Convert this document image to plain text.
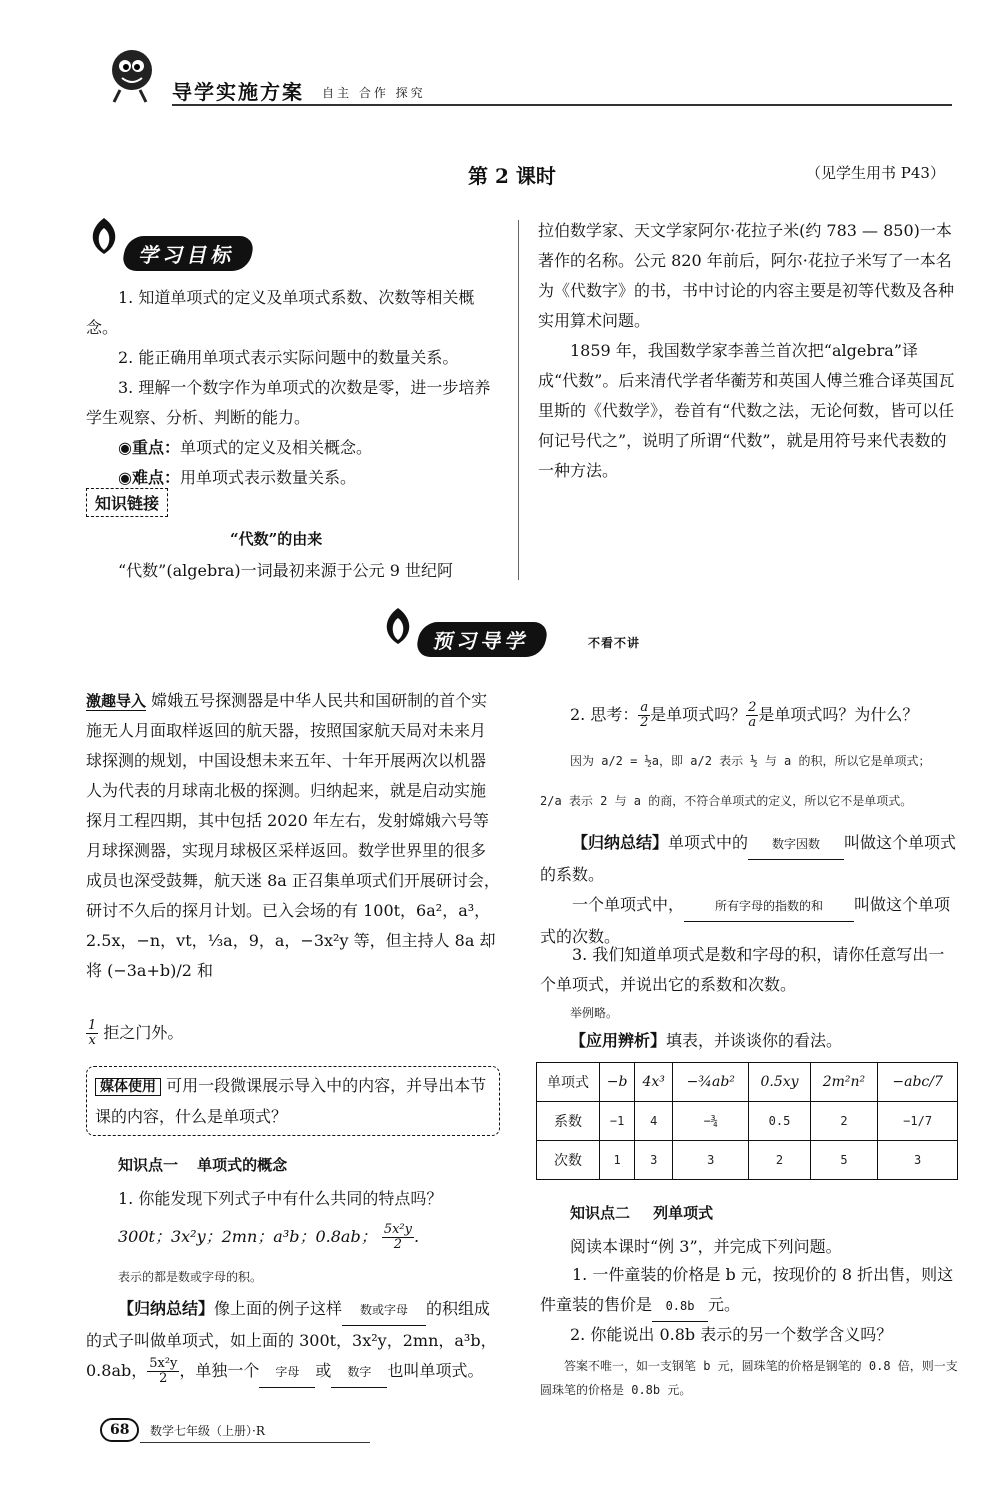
导学实施方案 自主 合作 探究
第 2 课时	（见学生用书 P43）
学习目标
1. 知道单项式的定义及单项式系数、次数等相关概念。
2. 能正确用单项式表示实际问题中的数量关系。
3. 理解一个数字作为单项式的次数是零，进一步培养学生观察、分析、判断的能力。
◉重点：单项式的定义及相关概念。
◉难点：用单项式表示数量关系。
知识链接
“代数”的由来
“代数”(algebra)一词最初来源于公元 9 世纪阿
拉伯数学家、天文学家阿尔·花拉子米(约 783 — 850)一本著作的名称。公元 820 年前后，阿尔·花拉子米写了一本名为《代数字》的书，书中讨论的内容主要是初等代数及各种实用算术问题。
1859 年，我国数学家李善兰首次把“algebra”译成“代数”。后来清代学者华蘅芳和英国人傅兰雅合译英国瓦里斯的《代数学》，卷首有“代数之法，无论何数，皆可以任何记号代之”，说明了所谓“代数”，就是用符号来代表数的一种方法。
预习导学	不看不讲
激趣导入 嫦娥五号探测器是中华人民共和国研制的首个实施无人月面取样返回的航天器，按照国家航天局对未来月球探测的规划，中国设想未来五年、十年开展两次以机器人为代表的月球南北极的探测。归纳起来，就是启动实施探月工程四期，其中包括 2020 年左右，发射嫦娥六号等月球探测器，实现月球极区采样返回。数学世界里的很多成员也深受鼓舞，航天迷 8a 正召集单项式们开展研讨会，研讨不久后的探月计划。已入会场的有 100t，6a²，a³，2.5x，−n，vt，⅓a，9，a，−3x²y 等，但主持人 8a 却将 (−3a+b)/2 和
$\frac{1}{x}$ 拒之门外。
媒体使用 可用一段微课展示导入中的内容，并导出本节课的内容，什么是单项式？
知识点一 单项式的概念
1. 你能发现下列式子中有什么共同的特点吗？
300t；3x²y；2mn；a³b；0.8ab； $\frac{\text{5x²y}}{2}$ .
表示的都是数或字母的积。
【归纳总结】像上面的例子这样 数或字母 的积组成的式子叫做单项式，如上面的 300t，3x²y，2mn，a³b，0.8ab， $\frac{\text{5x²y}}{2}$ ，单独一个 字母 或 数字 也叫单项式。
2. 思考： $\frac{a}{2}$ 是单项式吗？ $\frac{2}{a}$ 是单项式吗？为什么？
因为 a/2 = ½a，即 a/2 表示 ½ 与 a 的积，所以它是单项式；
2/a 表示 2 与 a 的商，不符合单项式的定义，所以它不是单项式。
【归纳总结】单项式中的 数字因数 叫做这个单项式的系数。
一个单项式中，	所有字母的指数的和 叫做这个单项式的次数。
3. 我们知道单项式是数和字母的积，请你任意写出一个单项式，并说出它的系数和次数。
举例略。
【应用辨析】填表，并谈谈你的看法。
单项式	−b	4x³	−¾ab²	0.5xy	2m²n²	−abc/7
系数	−1	4	−¾	0.5	2	−1/7
次数	1	3	3	2	5	3
知识点二 列单项式
阅读本课时“例 3”，并完成下列问题。
1. 一件童装的价格是 b 元，按现价的 8 折出售，则这件童装的售价是 0.8b 元。
2. 你能说出 0.8b 表示的另一个数学含义吗？
答案不唯一，如一支钢笔 b 元，圆珠笔的价格是钢笔的 0.8 倍，则一支圆珠笔的价格是 0.8b 元。
68	数学七年级（上册）·R
